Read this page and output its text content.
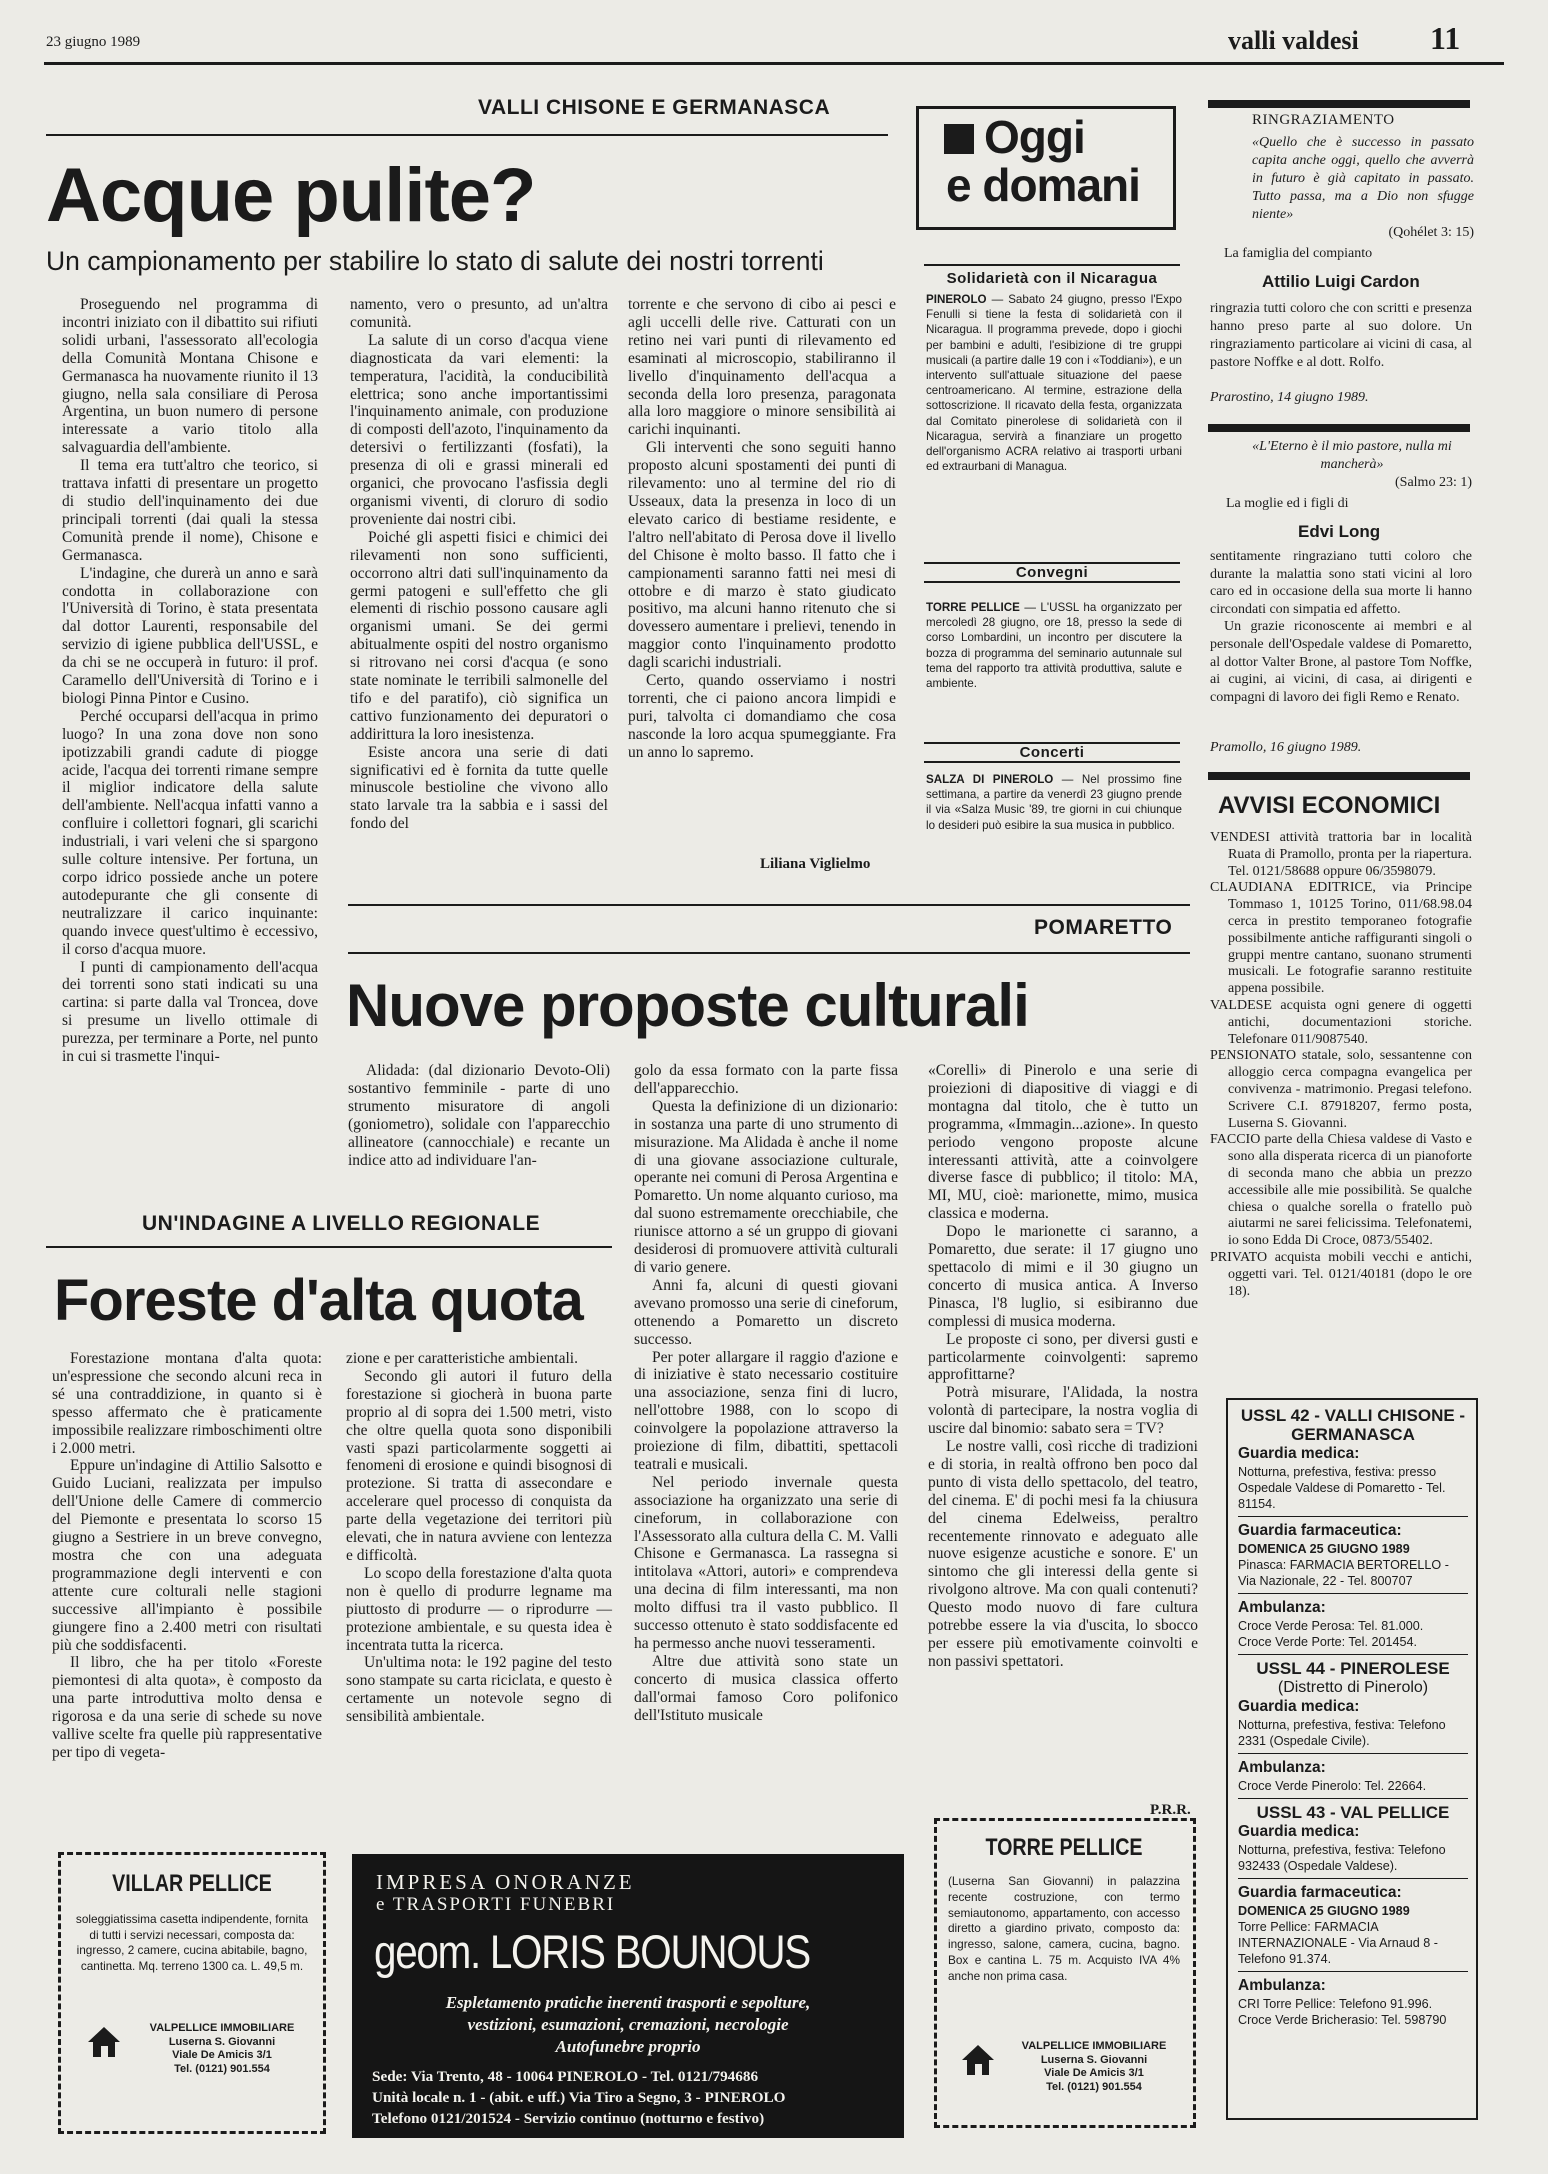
23 giugno 1989	valli valdesi 11
VALLI CHISONE E GERMANASCA
Acque pulite?
Un campionamento per stabilire lo stato di salute dei nostri torrenti

Proseguendo nel programma di incontri iniziato con il dibattito sui rifiuti solidi urbani, l'assessorato all'ecologia della Comunità Montana Chisone e Germanasca ha nuovamente riunito il 13 giugno, nella sala consiliare di Perosa Argentina, un buon numero di persone interessate a vario titolo alla salvaguardia dell'ambiente.

Il tema era tutt'altro che teorico, si trattava infatti di presentare un progetto di studio dell'inquinamento dei due principali torrenti (dai quali la stessa Comunità prende il nome), Chisone e Germanasca.

L'indagine, che durerà un anno e sarà condotta in collaborazione con l'Università di Torino, è stata presentata dal dottor Laurenti, responsabile del servizio di igiene pubblica dell'USSL, e da chi se ne occuperà in futuro: il prof. Caramello dell'Università di Torino e i biologi Pinna Pintor e Cusino.

Perché occuparsi dell'acqua in primo luogo? In una zona dove non sono ipotizzabili grandi cadute di piogge acide, l'acqua dei torrenti rimane sempre il miglior indicatore della salute dell'ambiente. Nell'acqua infatti vanno a confluire i collettori fognari, gli scarichi industriali, i vari veleni che si spargono sulle colture intensive. Per fortuna, un corpo idrico possiede anche un potere autodepurante che gli consente di neutralizzare il carico inquinante: quando invece quest'ultimo è eccessivo, il corso d'acqua muore.

I punti di campionamento dell'acqua dei torrenti sono stati indicati su una cartina: si parte dalla val Troncea, dove si presume un livello ottimale di purezza, per terminare a Porte, nel punto in cui si trasmette l'inqui-

namento, vero o presunto, ad un'altra comunità.

La salute di un corso d'acqua viene diagnosticata da vari elementi: la temperatura, l'acidità, la conducibilità elettrica; sono anche importantissimi l'inquinamento animale, con produzione di composti dell'azoto, l'inquinamento da detersivi o fertilizzanti (fosfati), la presenza di oli e grassi minerali ed organici, che provocano l'asfissia degli organismi viventi, di cloruro di sodio proveniente dai nostri cibi.

Poiché gli aspetti fisici e chimici dei rilevamenti non sono sufficienti, occorrono altri dati sull'inquinamento da germi patogeni e sull'effetto che gli elementi di rischio possono causare agli organismi umani. Se dei germi abitualmente ospiti del nostro organismo si ritrovano nei corsi d'acqua (e sono state nominate le terribili salmonelle del tifo e del paratifo), ciò significa un cattivo funzionamento dei depuratori o addirittura la loro inesistenza.

Esiste ancora una serie di dati significativi ed è fornita da tutte quelle minuscole bestioline che vivono allo stato larvale tra la sabbia e i sassi del fondo del

torrente e che servono di cibo ai pesci e agli uccelli delle rive. Catturati con un retino nei vari punti di rilevamento ed esaminati al microscopio, stabiliranno il livello d'inquinamento dell'acqua a seconda della loro presenza, paragonata alla loro maggiore o minore sensibilità ai carichi inquinanti.

Gli interventi che sono seguiti hanno proposto alcuni spostamenti dei punti di rilevamento: uno al termine del rio di Usseaux, data la presenza in loco di un elevato carico di bestiame residente, e l'altro nell'abitato di Perosa dove il livello del Chisone è molto basso. Il fatto che i campionamenti saranno fatti nei mesi di ottobre e di marzo è stato giudicato positivo, ma alcuni hanno ritenuto che si dovessero aumentare i prelievi, tenendo in maggior conto l'inquinamento prodotto dagli scarichi industriali.

Certo, quando osserviamo i nostri torrenti, che ci paiono ancora limpidi e puri, talvolta ci domandiamo che cosa nasconde la loro acqua spumeggiante. Fra un anno lo sapremo.

Liliana Viglielmo
Oggi
e domani
Solidarietà con il Nicaragua
PINEROLO — Sabato 24 giugno, presso l'Expo Fenulli si tiene la festa di solidarietà con il Nicaragua. Il programma prevede, dopo i giochi per bambini e adulti, l'esibizione di tre gruppi musicali (a partire dalle 19 con i «Toddiani»), e un intervento sull'attuale situazione del paese centroamericano. Al termine, estrazione della sottoscrizione. Il ricavato della festa, organizzata dal Comitato pinerolese di solidarietà con il Nicaragua, servirà a finanziare un progetto dell'organismo ACRA relativo ai trasporti urbani ed extraurbani di Managua.
Convegni
TORRE PELLICE — L'USSL ha organizzato per mercoledì 28 giugno, ore 18, presso la sede di corso Lombardini, un incontro per discutere la bozza di programma del seminario autunnale sul tema del rapporto tra attività produttiva, salute e ambiente.
Concerti
SALZA DI PINEROLO — Nel prossimo fine settimana, a partire da venerdì 23 giugno prende il via «Salza Music '89, tre giorni in cui chiunque lo desideri può esibire la sua musica in pubblico.
RINGRAZIAMENTO
«Quello che è successo in passato capita anche oggi, quello che avverrà in futuro è già capitato in passato. Tutto passa, ma a Dio non sfugge niente»
(Qohélet 3: 15)
La famiglia del compianto
Attilio Luigi Cardon
ringrazia tutti coloro che con scritti e presenza hanno preso parte al suo dolore. Un ringraziamento particolare ai vicini di casa, al pastore Noffke e al dott. Rolfo.
Prarostino, 14 giugno 1989.
«L'Eterno è il mio pastore, nulla mi mancherà»
(Salmo 23: 1)
La moglie ed i figli di
Edvi Long
sentitamente ringraziano tutti coloro che durante la malattia sono stati vicini al loro caro ed in occasione della sua morte li hanno circondati con simpatia ed affetto.
Un grazie riconoscente ai membri e al personale dell'Ospedale valdese di Pomaretto, al dottor Valter Brone, al pastore Tom Noffke, ai cugini, ai vicini, di casa, ai dirigenti e compagni di lavoro dei figli Remo e Renato.
Pramollo, 16 giugno 1989.
AVVISI ECONOMICI

VENDESI attività trattoria bar in località Ruata di Pramollo, pronta per la riapertura. Tel. 0121/58688 oppure 06/3598079.

CLAUDIANA EDITRICE, via Principe Tommaso 1, 10125 Torino, 011/68.98.04 cerca in prestito temporaneo fotografie possibilmente antiche raffiguranti singoli o gruppi mentre cantano, suonano strumenti musicali. Le fotografie saranno restituite appena possibile.

VALDESE acquista ogni genere di oggetti antichi, documentazioni storiche. Telefonare 011/9087540.

PENSIONATO statale, solo, sessantenne con alloggio cerca compagna evangelica per convivenza - matrimonio. Pregasi telefono. Scrivere C.I. 87918207, fermo posta, Luserna S. Giovanni.

FACCIO parte della Chiesa valdese di Vasto e sono alla disperata ricerca di un pianoforte di seconda mano che abbia un prezzo accessibile alle mie possibilità. Se qualche chiesa o qualche sorella o fratello può aiutarmi ne sarei felicissima. Telefonatemi, io sono Edda Di Croce, 0873/55402.

PRIVATO acquista mobili vecchi e antichi, oggetti vari. Tel. 0121/40181 (dopo le ore 18).

POMARETTO
Nuove proposte culturali

Alidada: (dal dizionario Devoto-Oli) sostantivo femminile - parte di uno strumento misuratore di angoli (goniometro), solidale con l'apparecchio allineatore (cannocchiale) e recante un indice atto ad individuare l'an-

golo da essa formato con la parte fissa dell'apparecchio.

Questa la definizione di un dizionario: in sostanza una parte di uno strumento di misurazione. Ma Alidada è anche il nome di una giovane associazione culturale, operante nei comuni di Perosa Argentina e Pomaretto. Un nome alquanto curioso, ma dal suono estremamente orecchiabile, che riunisce attorno a sé un gruppo di giovani desiderosi di promuovere attività culturali di vario genere.

Anni fa, alcuni di questi giovani avevano promosso una serie di cineforum, ottenendo a Pomaretto un discreto successo.

Per poter allargare il raggio d'azione e di iniziative è stato necessario costituire una associazione, senza fini di lucro, nell'ottobre 1988, con lo scopo di coinvolgere la popolazione attraverso la proiezione di film, dibattiti, spettacoli teatrali e musicali.

Nel periodo invernale questa associazione ha organizzato una serie di cineforum, in collaborazione con l'Assessorato alla cultura della C. M. Valli Chisone e Germanasca. La rassegna si intitolava «Attori, autori» e comprendeva una decina di film interessanti, ma non molto diffusi tra il vasto pubblico. Il successo ottenuto è stato soddisfacente ed ha permesso anche nuovi tesseramenti.

Altre due attività sono state un concerto di musica classica offerto dall'ormai famoso Coro polifonico dell'Istituto musicale

«Corelli» di Pinerolo e una serie di proiezioni di diapositive di viaggi e di montagna dal titolo, che è tutto un programma, «Immagin...azione». In questo periodo vengono proposte alcune interessanti attività, atte a coinvolgere diverse fasce di pubblico; il titolo: MA, MI, MU, cioè: marionette, mimo, musica classica e moderna.

Dopo le marionette ci saranno, a Pomaretto, due serate: il 17 giugno uno spettacolo di mimi e il 30 giugno un concerto di musica antica. A Inverso Pinasca, l'8 luglio, si esibiranno due complessi di musica moderna.

Le proposte ci sono, per diversi gusti e particolarmente coinvolgenti: sapremo approfittarne?

Potrà misurare, l'Alidada, la nostra volontà di partecipare, la nostra voglia di uscire dal binomio: sabato sera = TV?

Le nostre valli, così ricche di tradizioni e di storia, in realtà offrono ben poco dal punto di vista dello spettacolo, del teatro, del cinema. E' di pochi mesi fa la chiusura del cinema Edelweiss, peraltro recentemente rinnovato e adeguato alle nuove esigenze acustiche e sonore. E' un sintomo che gli interessi della gente si rivolgono altrove. Ma con quali contenuti? Questo modo nuovo di fare cultura potrebbe essere la via d'uscita, lo sbocco per essere più emotivamente coinvolti e non passivi spettatori.

P.R.R.
UN'INDAGINE A LIVELLO REGIONALE
Foreste d'alta quota

Forestazione montana d'alta quota: un'espressione che secondo alcuni reca in sé una contraddizione, in quanto si è spesso affermato che è praticamente impossibile realizzare rimboschimenti oltre i 2.000 metri.

Eppure un'indagine di Attilio Salsotto e Guido Luciani, realizzata per impulso dell'Unione delle Camere di commercio del Piemonte e presentata lo scorso 15 giugno a Sestriere in un breve convegno, mostra che con una adeguata programmazione degli interventi e con attente cure colturali nelle stagioni successive all'impianto è possibile giungere fino a 2.400 metri con risultati più che soddisfacenti.

Il libro, che ha per titolo «Foreste piemontesi di alta quota», è composto da una parte introduttiva molto densa e rigorosa e da una serie di schede su nove vallive scelte fra quelle più rappresentative per tipo di vegeta-

zione e per caratteristiche ambientali.

Secondo gli autori il futuro della forestazione si giocherà in buona parte proprio al di sopra dei 1.500 metri, visto che oltre quella quota sono disponibili vasti spazi particolarmente soggetti ai fenomeni di erosione e quindi bisognosi di protezione. Si tratta di assecondare e accelerare quel processo di conquista da parte della vegetazione dei territori più elevati, che in natura avviene con lentezza e difficoltà.

Lo scopo della forestazione d'alta quota non è quello di produrre legname ma piuttosto di produrre — o riprodurre — protezione ambientale, e su questa idea è incentrata tutta la ricerca.

Un'ultima nota: le 192 pagine del testo sono stampate su carta riciclata, e questo è certamente un notevole segno di sensibilità ambientale.

VILLAR PELLICE
soleggiatissima casetta indipendente, fornita di tutti i servizi necessari, composta da: ingresso, 2 camere, cucina abitabile, bagno, cantinetta. Mq. terreno 1300 ca. L. 49,5 m.
VALPELLICE IMMOBILIARE
Luserna S. Giovanni
Viale De Amicis 3/1
Tel. (0121) 901.554
IMPRESA ONORANZE
e TRASPORTI FUNEBRI
geom. LORIS BOUNOUS
Espletamento pratiche inerenti trasporti e sepolture,
vestizioni, esumazioni, cremazioni, necrologie
Autofunebre proprio
Sede: Via Trento, 48 - 10064 PINEROLO - Tel. 0121/794686
Unità locale n. 1 - (abit. e uff.) Via Tiro a Segno, 3 - PINEROLO
Telefono 0121/201524 - Servizio continuo (notturno e festivo)
TORRE PELLICE
(Luserna San Giovanni) in palazzina recente costruzione, con termo semiautonomo, appartamento, con accesso diretto a giardino privato, composto da: ingresso, salone, camera, cucina, bagno. Box e cantina L. 75 m. Acquisto IVA 4% anche non prima casa.
VALPELLICE IMMOBILIARE
Luserna S. Giovanni
Viale De Amicis 3/1
Tel. (0121) 901.554
USSL 42 - VALLI CHISONE - GERMANASCA
Guardia medica:
Notturna, prefestiva, festiva: presso Ospedale Valdese di Pomaretto - Tel. 81154.
Guardia farmaceutica:
DOMENICA 25 GIUGNO 1989
Pinasca: FARMACIA BERTORELLO - Via Nazionale, 22 - Tel. 800707
Ambulanza:
Croce Verde Perosa: Tel. 81.000.
Croce Verde Porte: Tel. 201454.
USSL 44 - PINEROLESE
(Distretto di Pinerolo)
Guardia medica:
Notturna, prefestiva, festiva: Telefono 2331 (Ospedale Civile).
Ambulanza:
Croce Verde Pinerolo: Tel. 22664.
USSL 43 - VAL PELLICE
Guardia medica:
Notturna, prefestiva, festiva: Telefono 932433 (Ospedale Valdese).
Guardia farmaceutica:
DOMENICA 25 GIUGNO 1989
Torre Pellice: FARMACIA INTERNAZIONALE - Via Arnaud 8 - Telefono 91.374.
Ambulanza:
CRI Torre Pellice: Telefono 91.996.
Croce Verde Bricherasio: Tel. 598790
